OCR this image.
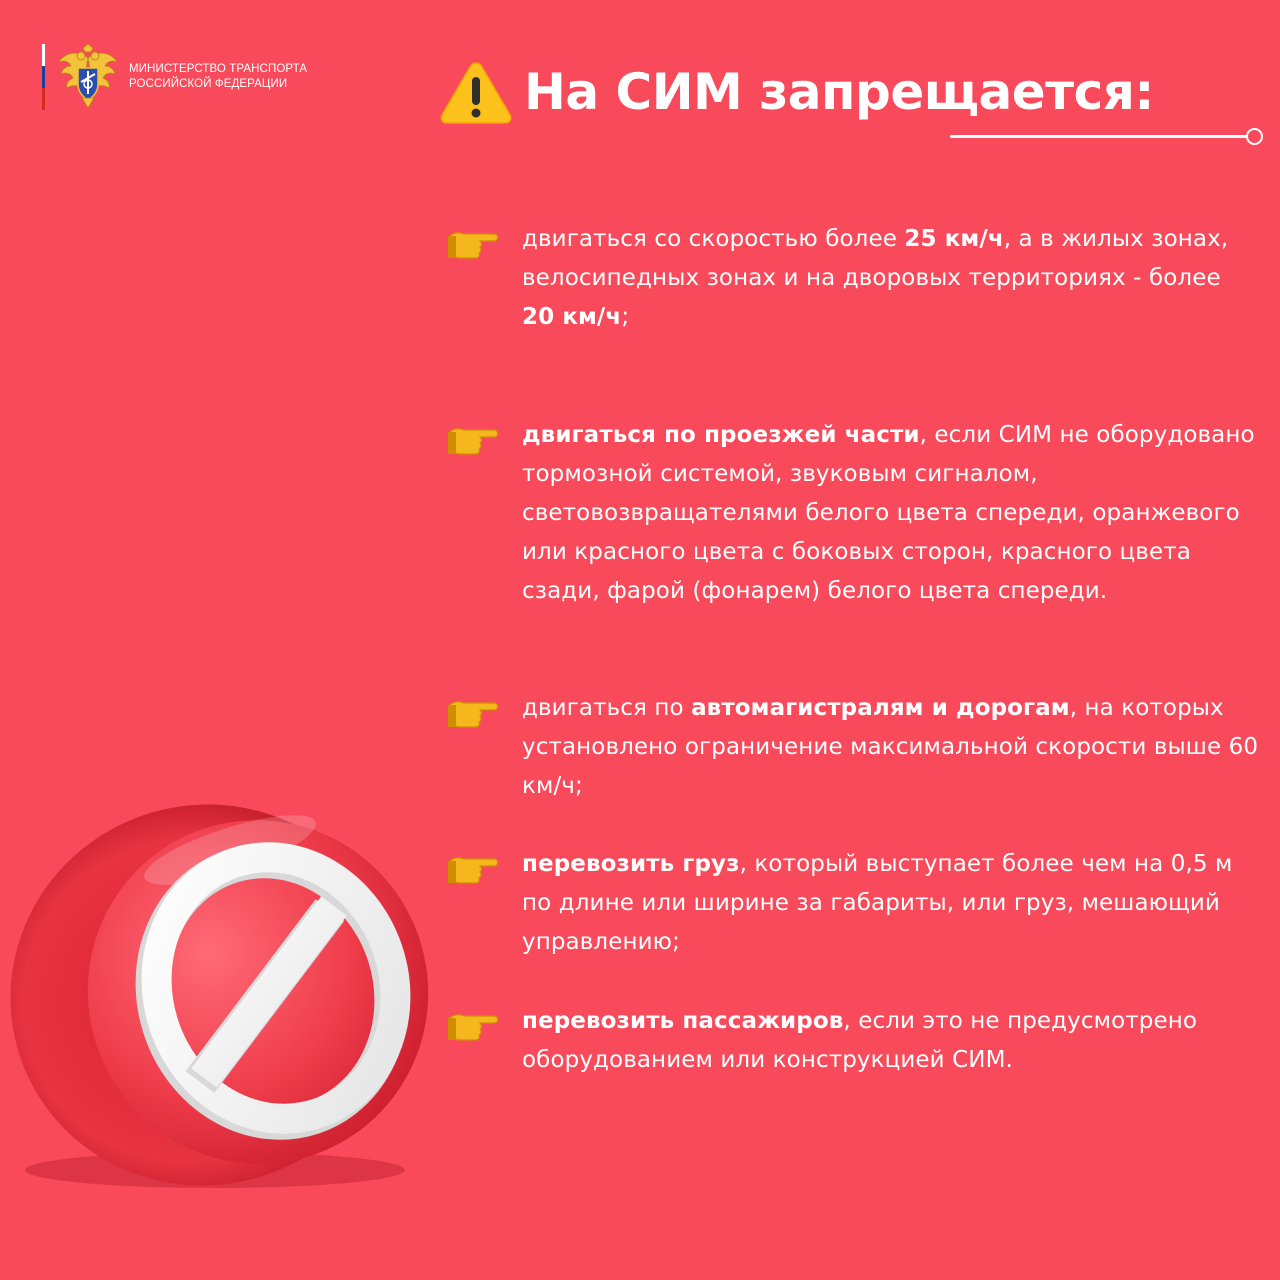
МИНИСТЕРСТВО ТРАНСПОРТА
РОССИЙСКОЙ ФЕДЕРАЦИИ	На СИМ запрещается:
двигаться со скоростью более 25 км/ч, а в жилых зонах, велосипедных зонах и на дворовых территориях - более
20 км/ч;
двигаться по проезжей части, если СИМ не оборудовано тормозной системой, звуковым сигналом, световозвращателями белого цвета спереди, оранжевого или красного цвета с боковых сторон, красного цвета сзади, фарой (фонарем) белого цвета спереди.
двигаться по автомагистралям и дорогам, на которых установлено ограничение максимальной скорости выше 60 км/ч;
перевозить груз, который выступает более чем на 0,5 м по длине или ширине за габариты, или груз, мешающий управлению;
перевозить пассажиров, если это не предусмотрено оборудованием или конструкцией СИМ.
